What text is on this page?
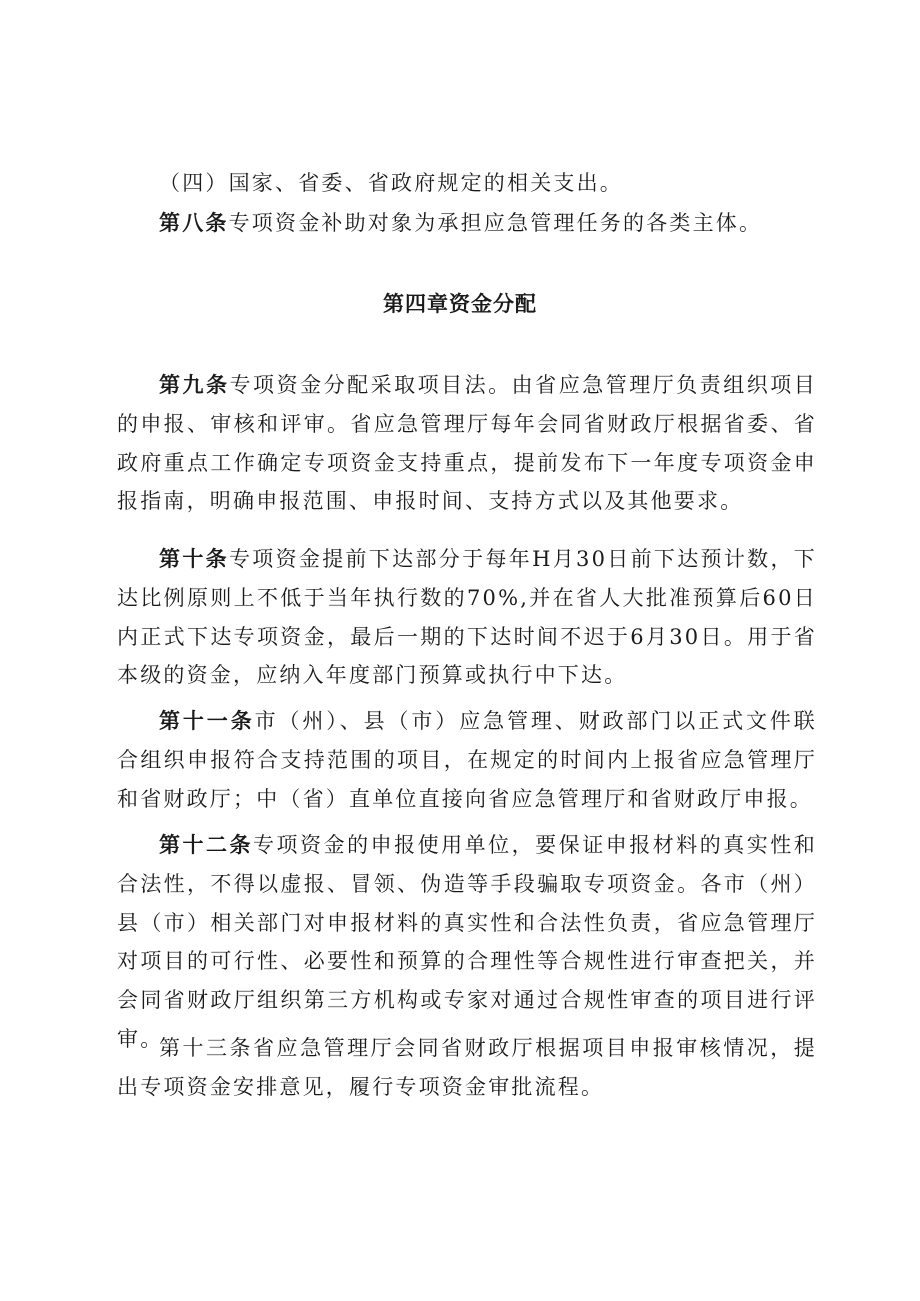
（四）国家、省委、省政府规定的相关支出。

第八条专项资金补助对象为承担应急管理任务的各类主体。

第四章资金分配

第九条专项资金分配采取项目法。由省应急管理厅负责组织项目的申报、审核和评审。省应急管理厅每年会同省财政厅根据省委、省政府重点工作确定专项资金支持重点，提前发布下一年度专项资金申报指南，明确申报范围、申报时间、支持方式以及其他要求。

第十条专项资金提前下达部分于每年H月30日前下达预计数，下达比例原则上不低于当年执行数的70%,并在省人大批准预算后60日内正式下达专项资金，最后一期的下达时间不迟于6月30日。用于省本级的资金，应纳入年度部门预算或执行中下达。

第十一条市（州）、县（市）应急管理、财政部门以正式文件联合组织申报符合支持范围的项目，在规定的时间内上报省应急管理厅和省财政厅；中（省）直单位直接向省应急管理厅和省财政厅申报。

第十二条专项资金的申报使用单位，要保证申报材料的真实性和合法性，不得以虚报、冒领、伪造等手段骗取专项资金。各市（州）县（市）相关部门对申报材料的真实性和合法性负责，省应急管理厅对项目的可行性、必要性和预算的合理性等合规性进行审查把关，并会同省财政厅组织第三方机构或专家对通过合规性审查的项目进行评审。

第十三条省应急管理厅会同省财政厅根据项目申报审核情况，提出专项资金安排意见，履行专项资金审批流程。
